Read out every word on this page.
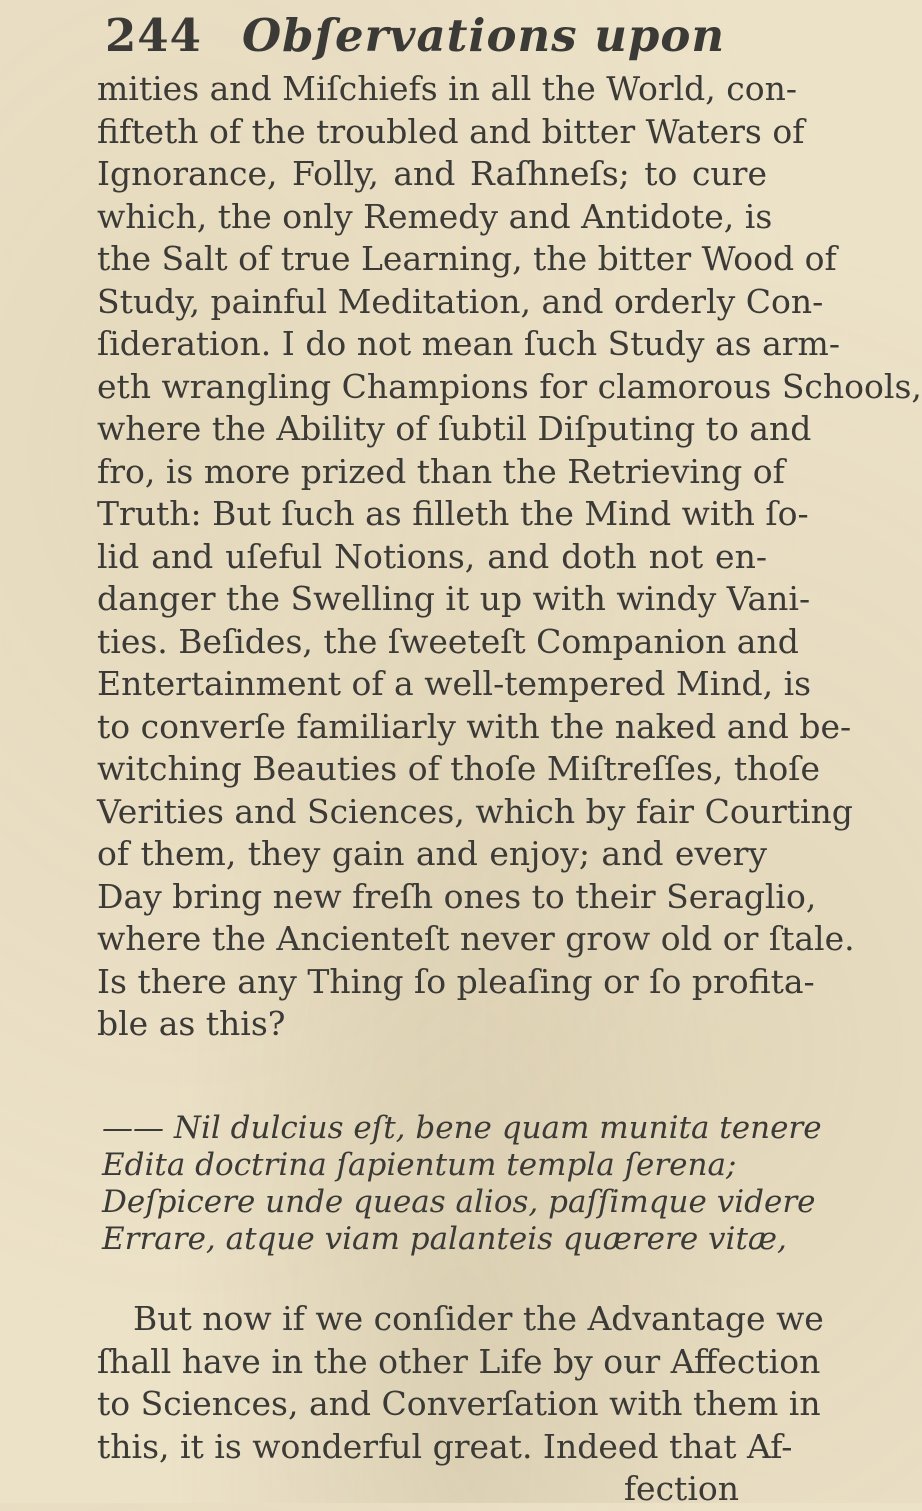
244 Obſervations upon
mities and Miſchiefs in all the World, con-
fifteth of the troubled and bitter Waters of
Ignorance, Folly, and Raſhneſs; to cure
which, the only Remedy and Antidote, is
the Salt of true Learning, the bitter Wood of
Study, painful Meditation, and orderly Con-
ſideration. I do not mean ſuch Study as arm-
eth wrangling Champions for clamorous Schools,
where the Ability of ſubtil Diſputing to and
fro, is more prized than the Retrieving of
Truth: But ſuch as filleth the Mind with ſo-
lid and uſeful Notions, and doth not en-
danger the Swelling it up with windy Vani-
ties. Beſides, the ſweeteſt Companion and
Entertainment of a well-tempered Mind, is
to converſe familiarly with the naked and be-
witching Beauties of thoſe Miſtreſſes, thoſe
Verities and Sciences, which by fair Courting
of them, they gain and enjoy; and every
Day bring new freſh ones to their Seraglio,
where the Ancienteſt never grow old or ſtale.
Is there any Thing ſo pleaſing or ſo profita-
ble as this?
—— Nil dulcius eſt, bene quam munita tenere
Edita doctrina ſapientum templa ſerena;
Deſpicere unde queas alios, paſſimque videre
Errare, atque viam palanteis quærere vitæ,
But now if we conſider the Advantage we
ſhall have in the other Life by our Affection
to Sciences, and Converſation with them in
this, it is wonderful great. Indeed that Af-
fection
